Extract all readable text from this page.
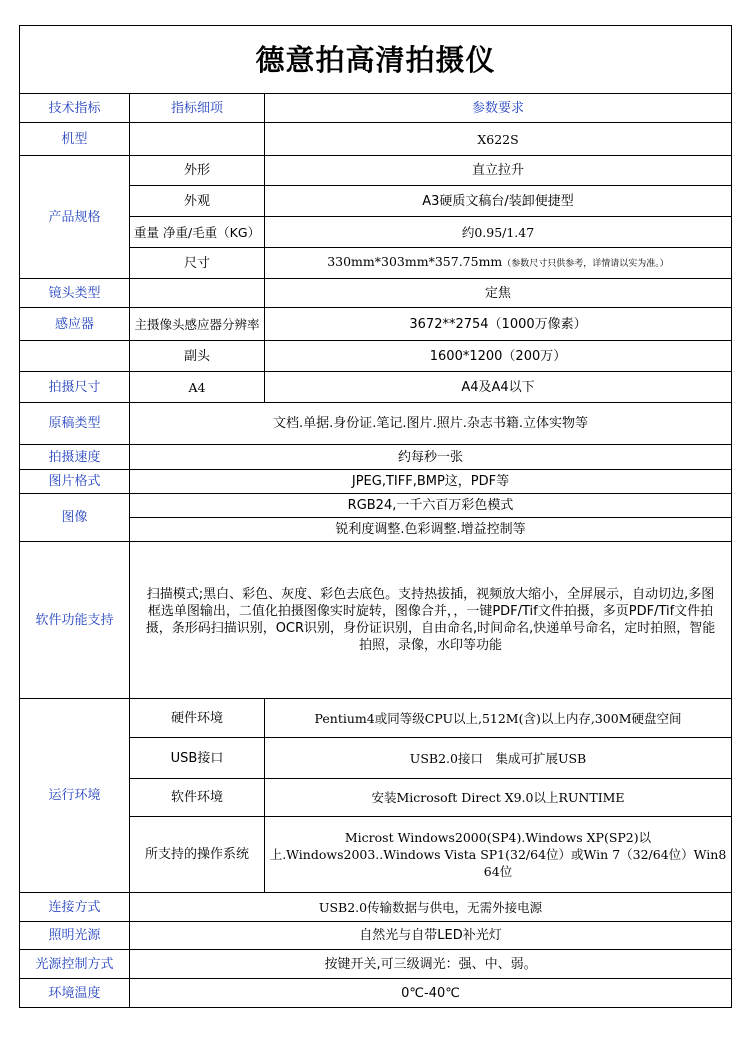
德意拍高清拍摄仪		
技术指标	指标细项	参数要求
机型		X622S
产品规格	外形	直立拉升
	外观	A3硬质文稿台/装卸便捷型
	重量 净重/毛重（KG）	约0.95/1.47
	尺寸	330mm*303mm*357.75mm（参数尺寸只供参考，详情请以实为准。）
镜头类型		定焦
感应器	主摄像头感应器分辨率	3672**2754（1000万像素）
	副头	1600*1200（200万）
拍摄尺寸	A4	A4及A4以下
原稿类型	文档.单据.身份证.笔记.图片.照片.杂志书籍.立体实物等	
拍摄速度	约每秒一张	
图片格式	JPEG,TIFF,BMP这，PDF等	
图像	RGB24,一千六百万彩色模式	
	锐利度调整.色彩调整.增益控制等	
软件功能支持	扫描模式;黑白、彩色、灰度、彩色去底色。支持热拔插，视频放大缩小，全屏展示，自动切边,多图框选单图输出，二值化拍摄图像实时旋转，图像合并，，一键PDF/Tif文件拍摄，多页PDF/Tif文件拍摄，条形码扫描识别，OCR识别，身份证识别，自由命名,时间命名,快递单号命名，定时拍照，智能拍照，录像，水印等功能	
运行环境	硬件环境	Pentium4或同等级CPU以上,512M(含)以上内存,300M硬盘空间
	USB接口	USB2.0接口　集成可扩展USB
	软件环境	安装Microsoft Direct X9.0以上RUNTIME
	所支持的操作系统	Microst Windows2000(SP4).Windows XP(SP2)以上.Windows2003..Windows Vista SP1(32/64位）或Win 7（32/64位）Win8 64位
连接方式	USB2.0传输数据与供电，无需外接电源	
照明光源	自然光与自带LED补光灯	
光源控制方式	按键开关,可三级调光：强、中、弱。	
环境温度	0℃-40℃	
